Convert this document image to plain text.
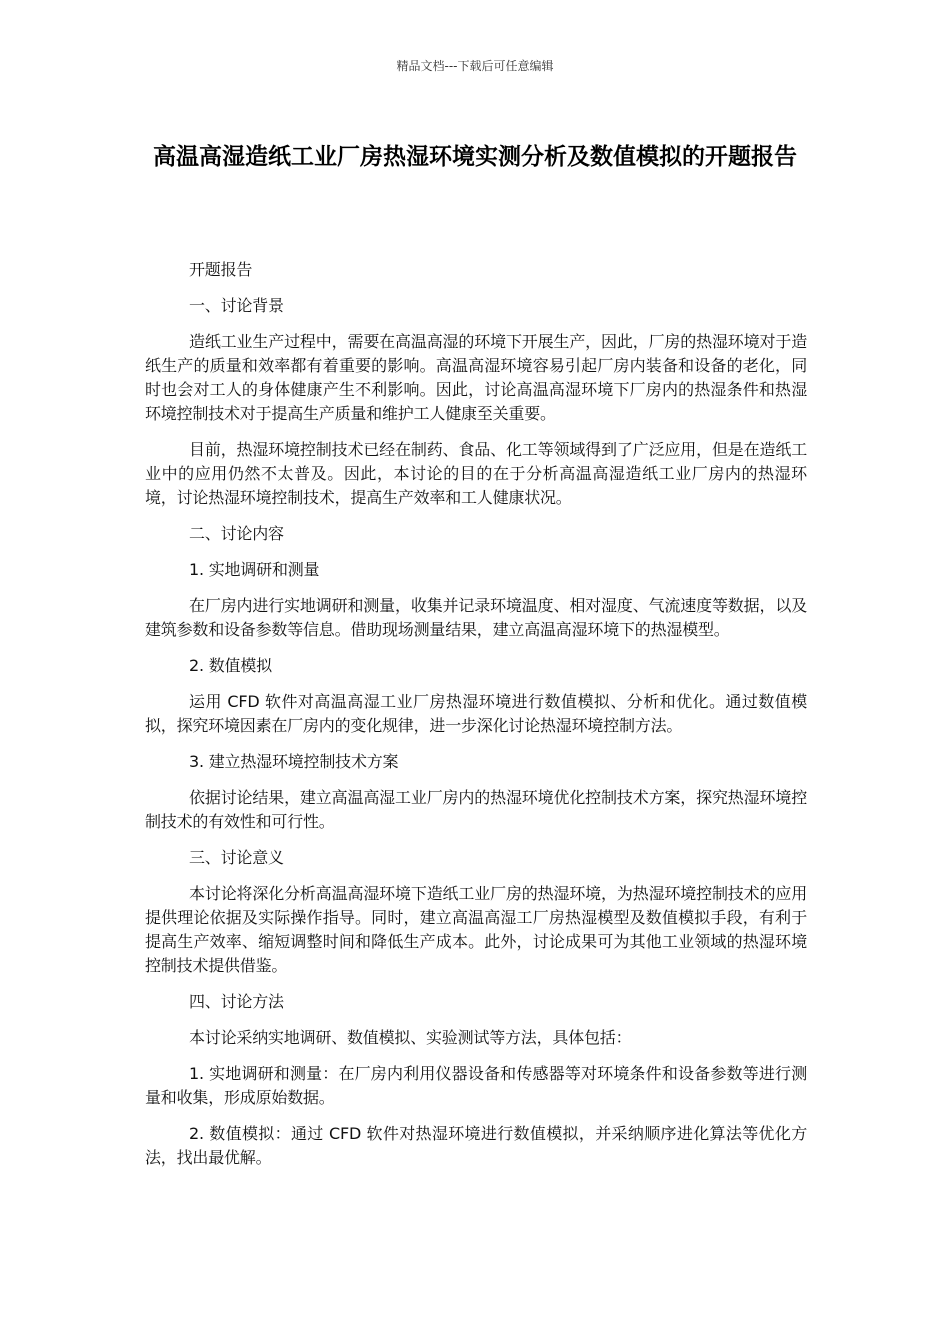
精品文档---下载后可任意编辑
高温高湿造纸工业厂房热湿环境实测分析及数值模拟的开题报告

开题报告

一、讨论背景

造纸工业生产过程中，需要在高温高湿的环境下开展生产，因此，厂房的热湿环境对于造纸生产的质量和效率都有着重要的影响。高温高湿环境容易引起厂房内装备和设备的老化，同时也会对工人的身体健康产生不利影响。因此，讨论高温高湿环境下厂房内的热湿条件和热湿环境控制技术对于提高生产质量和维护工人健康至关重要。

目前，热湿环境控制技术已经在制药、食品、化工等领域得到了广泛应用，但是在造纸工业中的应用仍然不太普及。因此，本讨论的目的在于分析高温高湿造纸工业厂房内的热湿环境，讨论热湿环境控制技术，提高生产效率和工人健康状况。

二、讨论内容

1. 实地调研和测量

在厂房内进行实地调研和测量，收集并记录环境温度、相对湿度、气流速度等数据，以及建筑参数和设备参数等信息。借助现场测量结果，建立高温高湿环境下的热湿模型。

2. 数值模拟

运用 CFD 软件对高温高湿工业厂房热湿环境进行数值模拟、分析和优化。通过数值模拟，探究环境因素在厂房内的变化规律，进一步深化讨论热湿环境控制方法。

3. 建立热湿环境控制技术方案

依据讨论结果，建立高温高湿工业厂房内的热湿环境优化控制技术方案，探究热湿环境控制技术的有效性和可行性。

三、讨论意义

本讨论将深化分析高温高湿环境下造纸工业厂房的热湿环境，为热湿环境控制技术的应用提供理论依据及实际操作指导。同时，建立高温高湿工厂房热湿模型及数值模拟手段，有利于提高生产效率、缩短调整时间和降低生产成本。此外，讨论成果可为其他工业领域的热湿环境控制技术提供借鉴。

四、讨论方法

本讨论采纳实地调研、数值模拟、实验测试等方法，具体包括：

1. 实地调研和测量：在厂房内利用仪器设备和传感器等对环境条件和设备参数等进行测量和收集，形成原始数据。

2. 数值模拟：通过 CFD 软件对热湿环境进行数值模拟，并采纳顺序进化算法等优化方法，找出最优解。
